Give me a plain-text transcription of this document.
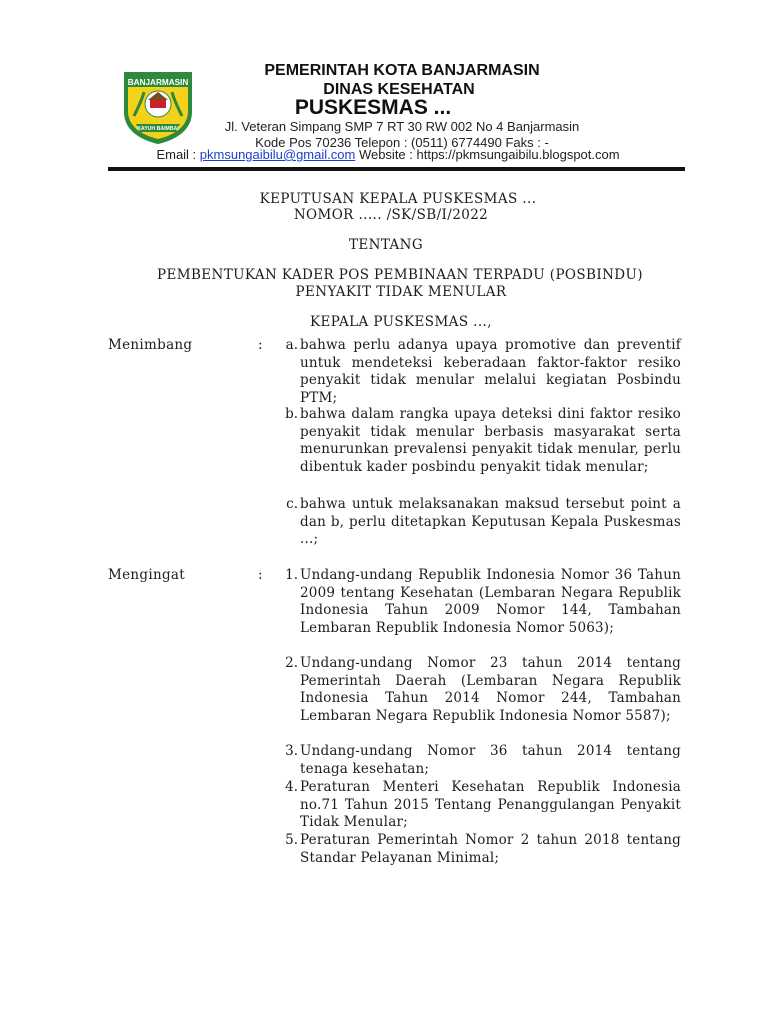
BANJARMASIN
KAYUH BAIMBAI
PEMERINTAH KOTA BANJARMASIN
DINAS KESEHATAN
PUSKESMAS ...
Jl. Veteran Simpang SMP 7 RT 30 RW 002 No 4 Banjarmasin
Kode Pos 70236 Telepon : (0511) 6774490 Faks : -
Email : pkmsungaibilu@gmail.com Website : https://pkmsungaibilu.blogspot.com
KEPUTUSAN KEPALA PUSKESMAS ...
NOMOR ..... /SK/SB/I/2022
TENTANG
PEMBENTUKAN KADER POS PEMBINAAN TERPADU (POSBINDU)
PENYAKIT TIDAK MENULAR
KEPALA PUSKESMAS ...,
Menimbang	:	a. bahwa perlu adanya upaya promotive dan preventif untuk mendeteksi keberadaan faktor-faktor resiko penyakit tidak menular melalui kegiatan Posbindu PTM;
b. bahwa dalam rangka upaya deteksi dini faktor resiko penyakit tidak menular berbasis masyarakat serta menurunkan prevalensi penyakit tidak menular, perlu dibentuk kader posbindu penyakit tidak menular;
c. bahwa untuk melaksanakan maksud tersebut point a dan b, perlu ditetapkan Keputusan Kepala Puskesmas ...;
Mengingat	:	1. Undang-undang Republik Indonesia Nomor 36 Tahun 2009 tentang Kesehatan (Lembaran Negara Republik Indonesia Tahun 2009 Nomor 144, Tambahan Lembaran Republik Indonesia Nomor 5063);
2. Undang-undang Nomor 23 tahun 2014 tentang Pemerintah Daerah (Lembaran Negara Republik Indonesia Tahun 2014 Nomor 244, Tambahan Lembaran Negara Republik Indonesia Nomor 5587);
3. Undang-undang Nomor 36 tahun 2014 tentang tenaga kesehatan;
4. Peraturan Menteri Kesehatan Republik Indonesia no.71 Tahun 2015 Tentang Penanggulangan Penyakit Tidak Menular;
5. Peraturan Pemerintah Nomor 2 tahun 2018 tentang Standar Pelayanan Minimal;
